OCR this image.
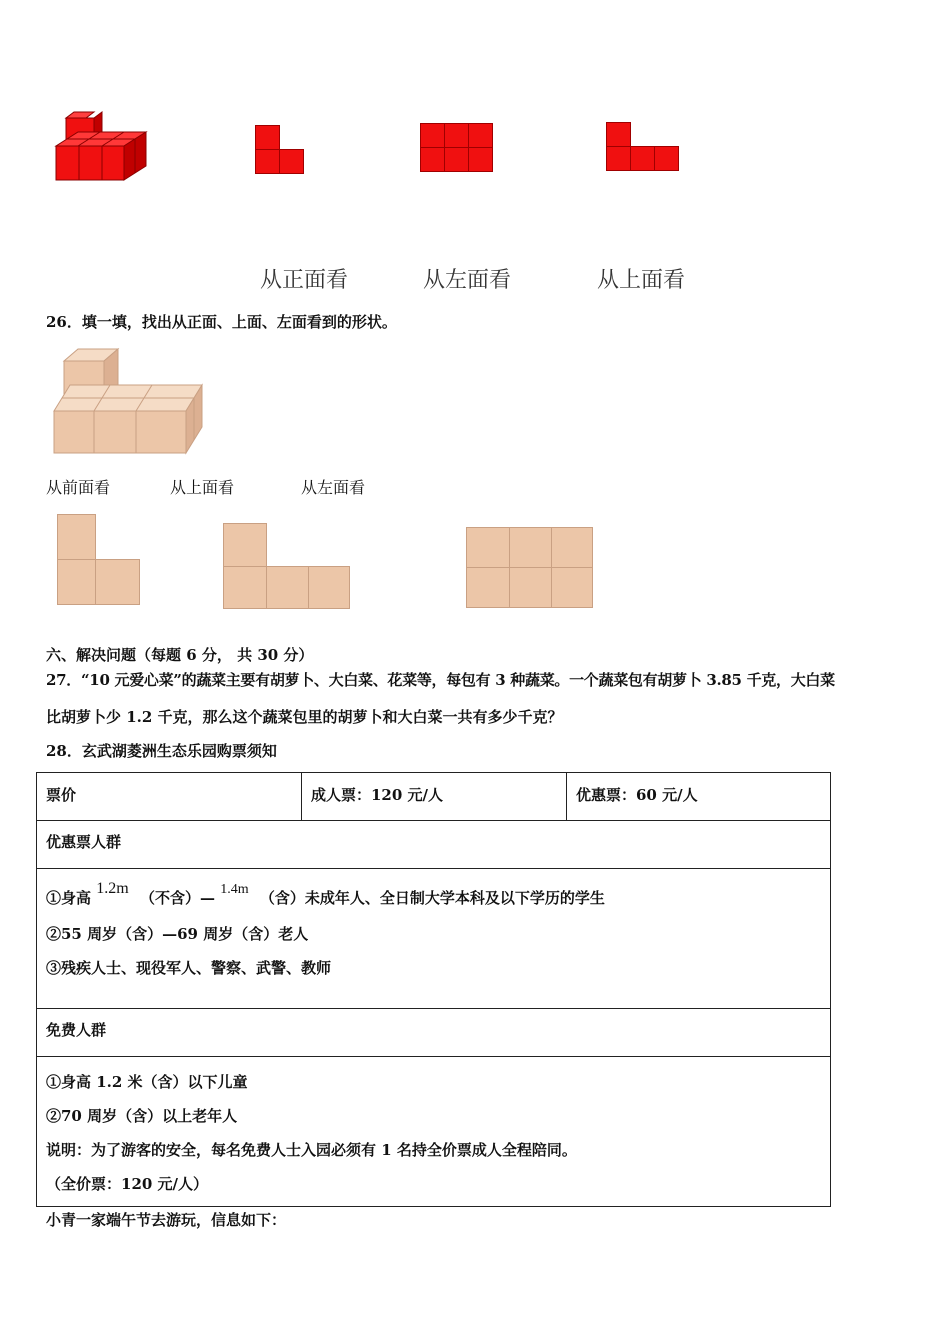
从正面看	从左面看	从上面看
26．填一填，找出从正面、上面、左面看到的形状。
从前面看	从上面看	从左面看
六、解决问题（每题 6 分， 共 30 分）
27．“10 元爱心菜”的蔬菜主要有胡萝卜、大白菜、花菜等，每包有 3 种蔬菜。一个蔬菜包有胡萝卜 3.85 千克，大白菜
比胡萝卜少 1.2 千克，那么这个蔬菜包里的胡萝卜和大白菜一共有多少千克？
28．玄武湖菱洲生态乐园购票须知
票价	成人票：120 元/人	优惠票：60 元/人
优惠票人群

①身高 1.2m （不含）— 1.4m （含）未成年人、全日制大学本科及以下学历的学生
②55 周岁（含）—69 周岁（含）老人
③残疾人士、现役军人、警察、武警、教师

免费人群

①身高 1.2 米（含）以下儿童
②70 周岁（含）以上老年人
说明：为了游客的安全，每名免费人士入园必须有 1 名持全价票成人全程陪同。
（全价票：120 元/人）
小青一家端午节去游玩，信息如下：
